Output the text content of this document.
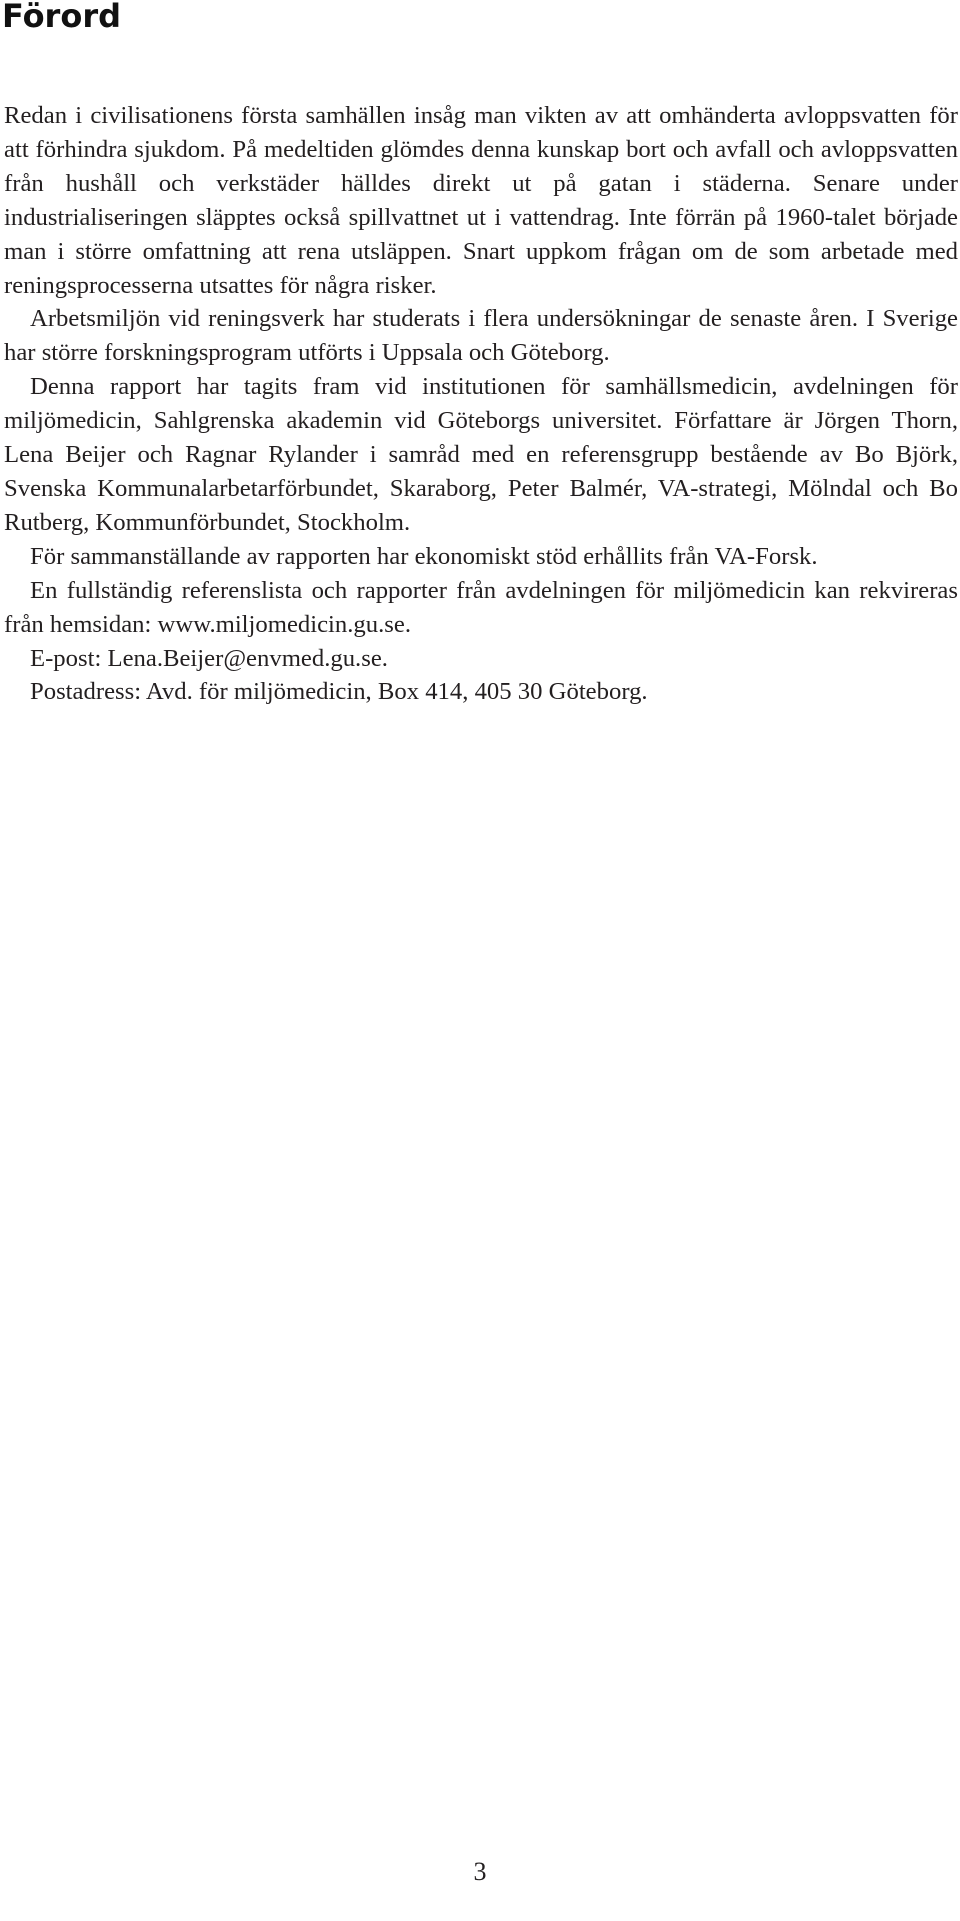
Förord

Redan i civilisationens första samhällen insåg man vikten av att omhänderta avloppsvatten för att förhindra sjukdom. På medeltiden glömdes denna kunskap bort och avfall och avloppsvatten från hushåll och verkstäder hälldes direkt ut på gatan i städerna. Senare under industrialiseringen släpptes också spillvattnet ut i vattendrag. Inte förrän på 1960-talet började man i större omfattning att rena utsläppen. Snart uppkom frågan om de som arbetade med reningsprocesserna utsattes för några risker.

Arbetsmiljön vid reningsverk har studerats i flera undersökningar de senaste åren. I Sverige har större forskningsprogram utförts i Uppsala och Göteborg.

Denna rapport har tagits fram vid institutionen för samhällsmedicin, avdelningen för miljömedicin, Sahlgrenska akademin vid Göteborgs universitet. Författare är Jörgen Thorn, Lena Beijer och Ragnar Rylander i samråd med en referensgrupp bestående av Bo Björk, Svenska Kommunalarbetarförbundet, Skaraborg, Peter Balmér, VA-strategi, Mölndal och Bo Rutberg, Kommunförbundet, Stockholm.

För sammanställande av rapporten har ekonomiskt stöd erhållits från VA-Forsk.

En fullständig referenslista och rapporter från avdelningen för miljömedicin kan rekvireras från hemsidan: www.miljomedicin.gu.se.

E-post: Lena.Beijer@envmed.gu.se.

Postadress: Avd. för miljömedicin, Box 414, 405 30 Göteborg.

3
